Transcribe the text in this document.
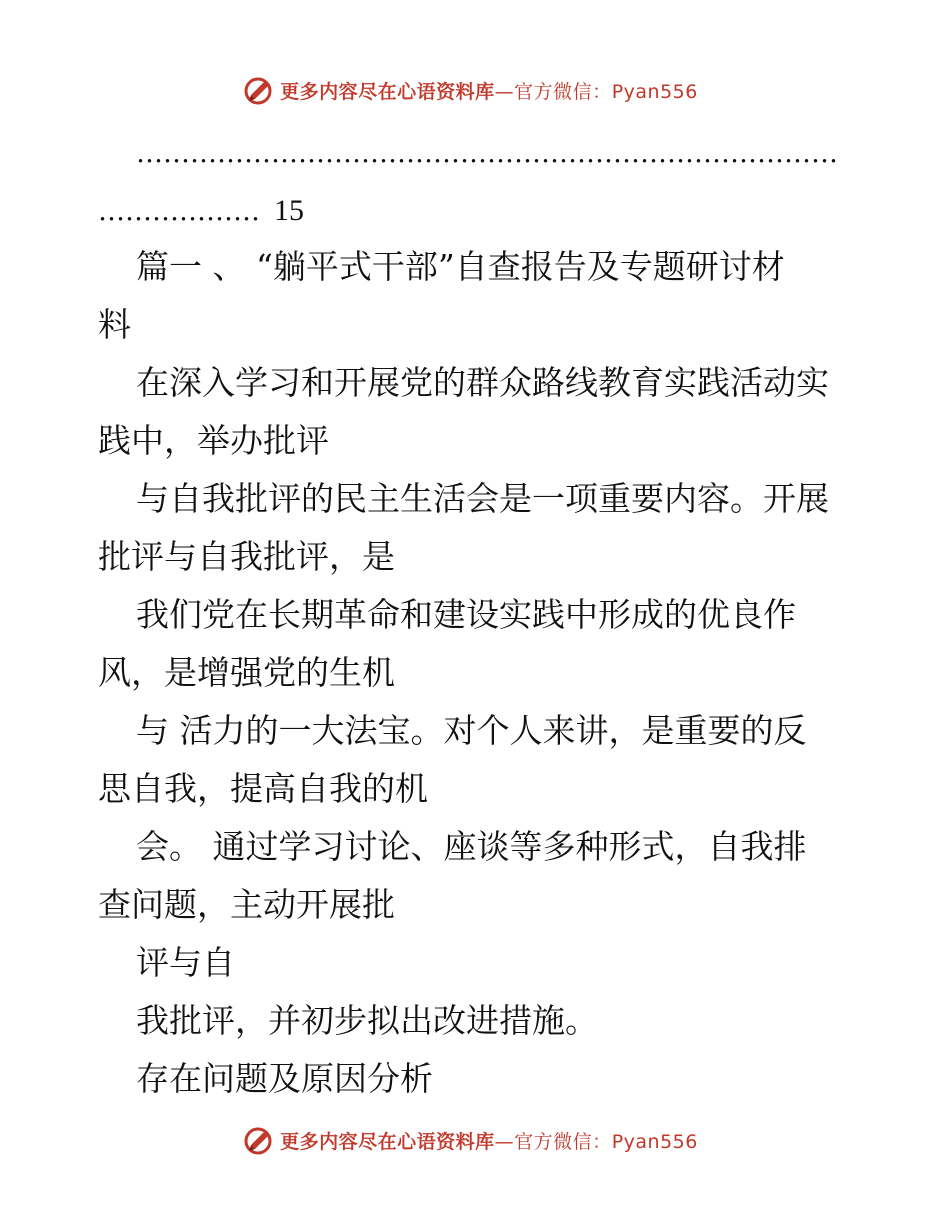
更多内容尽在心语资料库—官方微信：Pyan556
……………………………………………………………………
……………… 15
篇一 、 “躺平式干部”自查报告及专题研讨材
料
在深入学习和开展党的群众路线教育实践活动实
践中，举办批评
与自我批评的民主生活会是一项重要内容。开展
批评与自我批评，是
我们党在长期革命和建设实践中形成的优良作
风，是增强党的生机
与 活力的一大法宝。对个人来讲，是重要的反
思自我，提高自我的机
会。 通过学习讨论、座谈等多种形式，自我排
查问题，主动开展批
评与自
我批评，并初步拟出改进措施。
存在问题及原因分析
更多内容尽在心语资料库—官方微信：Pyan556
